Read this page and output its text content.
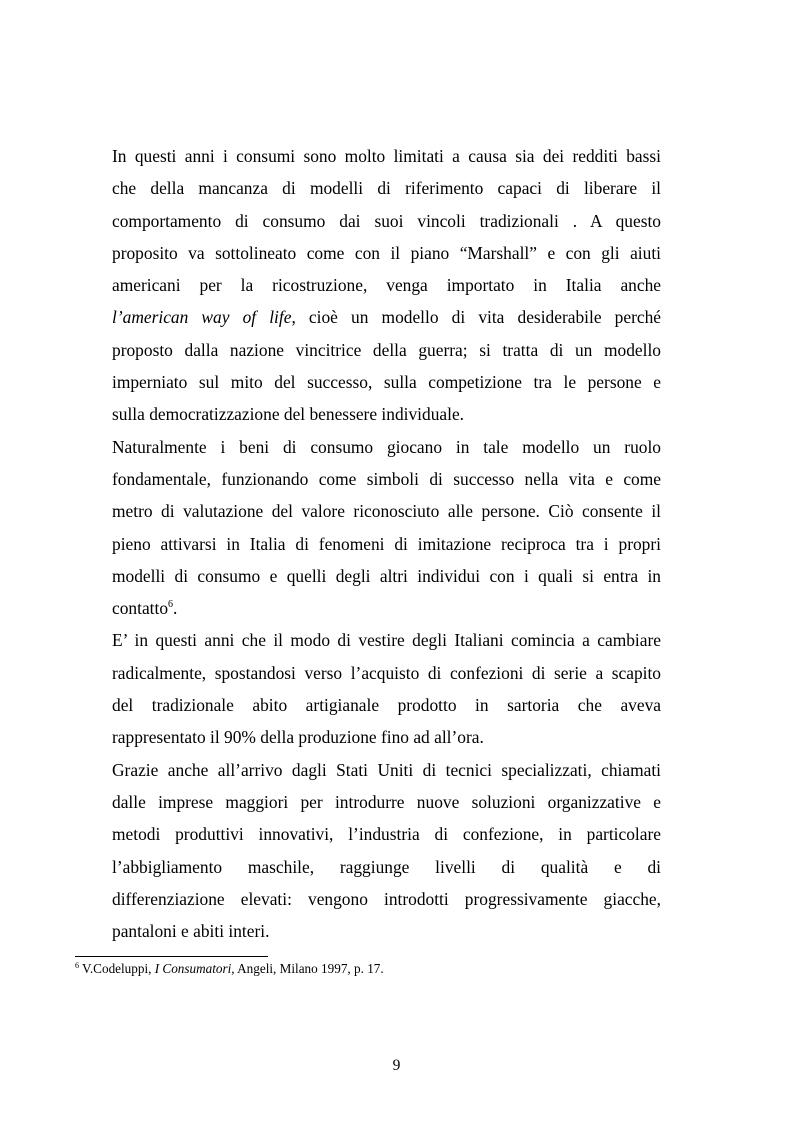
In questi anni i consumi sono molto limitati a causa sia dei redditi bassi
che della mancanza di modelli di riferimento capaci di liberare il
comportamento di consumo dai suoi vincoli tradizionali . A questo
proposito va sottolineato come con il piano “Marshall” e con gli aiuti
americani per la ricostruzione, venga importato in Italia anche
l’american way of life, cioè un modello di vita desiderabile perché
proposto dalla nazione vincitrice della guerra; si tratta di un modello
imperniato sul mito del successo, sulla competizione tra le persone e
sulla democratizzazione del benessere individuale.
Naturalmente i beni di consumo giocano in tale modello un ruolo
fondamentale, funzionando come simboli di successo nella vita e come
metro di valutazione del valore riconosciuto alle persone. Ciò consente il
pieno attivarsi in Italia di fenomeni di imitazione reciproca tra i propri
modelli di consumo e quelli degli altri individui con i quali si entra in
contatto$^6$.
E’ in questi anni che il modo di vestire degli Italiani comincia a cambiare
radicalmente, spostandosi verso l’acquisto di confezioni di serie a scapito
del tradizionale abito artigianale prodotto in sartoria che aveva
rappresentato il 90% della produzione fino ad all’ora.
Grazie anche all’arrivo dagli Stati Uniti di tecnici specializzati, chiamati
dalle imprese maggiori per introdurre nuove soluzioni organizzative e
metodi produttivi innovativi, l’industria di confezione, in particolare
l’abbigliamento maschile, raggiunge livelli di qualità e di
differenziazione elevati: vengono introdotti progressivamente giacche,
pantaloni e abiti interi.
$^6$ V.Codeluppi, I Consumatori, Angeli, Milano 1997, p. 17.
9
